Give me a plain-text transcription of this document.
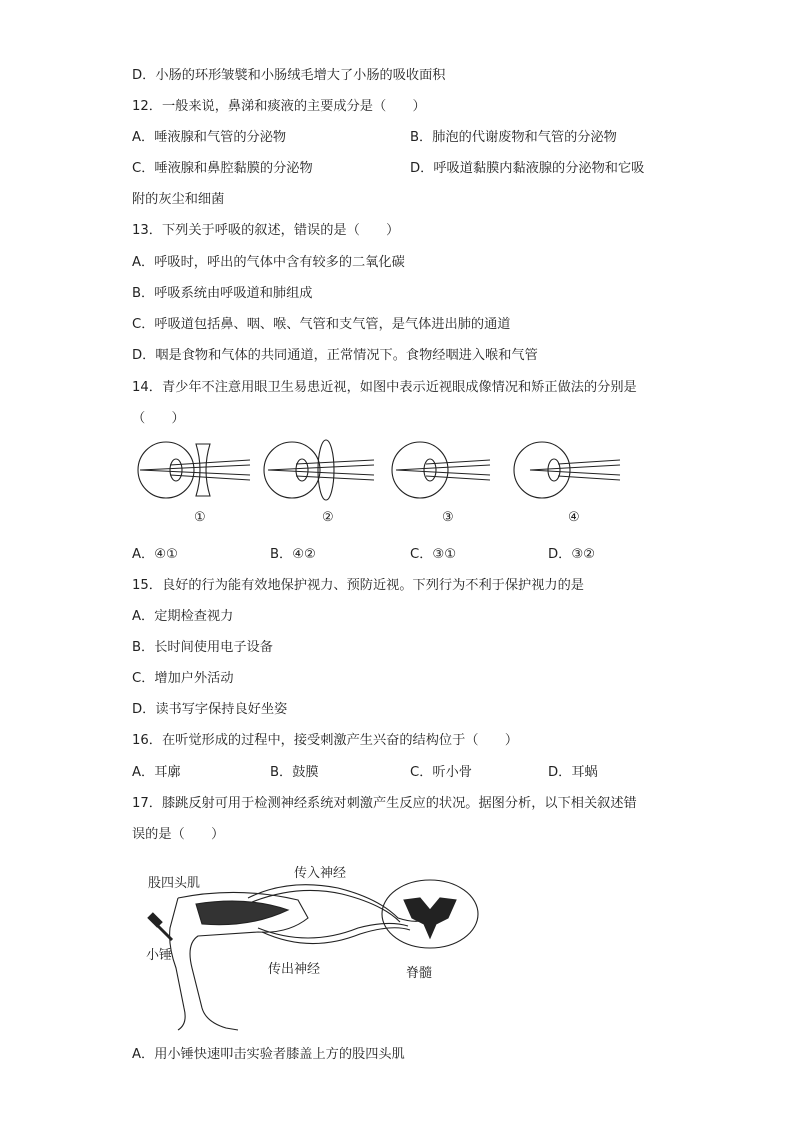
D．小肠的环形皱襞和小肠绒毛增大了小肠的吸收面积
12．一般来说，鼻涕和痰液的主要成分是（　　）
A．唾液腺和气管的分泌物	B．肺泡的代谢废物和气管的分泌物
C．唾液腺和鼻腔黏膜的分泌物	D．呼吸道黏膜内黏液腺的分泌物和它吸
附的灰尘和细菌
13．下列关于呼吸的叙述，错误的是（　　）
A．呼吸时，呼出的气体中含有较多的二氧化碳
B．呼吸系统由呼吸道和肺组成
C．呼吸道包括鼻、咽、喉、气管和支气管，是气体进出肺的通道
D．咽是食物和气体的共同通道，正常情况下。食物经咽进入喉和气管
14．青少年不注意用眼卫生易患近视，如图中表示近视眼成像情况和矫正做法的分别是
（　　）
①	②	③	④
A．④①	B．④②	C．③①	D．③②
15．良好的行为能有效地保护视力、预防近视。下列行为不利于保护视力的是
A．定期检查视力
B．长时间使用电子设备
C．增加户外活动
D．读书写字保持良好坐姿
16．在听觉形成的过程中，接受刺激产生兴奋的结构位于（　　）
A．耳廓	B．鼓膜	C．听小骨	D．耳蜗
17．膝跳反射可用于检测神经系统对刺激产生反应的状况。据图分析，以下相关叙述错
误的是（　　）
股四头肌
传入神经
小锤
传出神经	脊髓
A．用小锤快速叩击实验者膝盖上方的股四头肌
